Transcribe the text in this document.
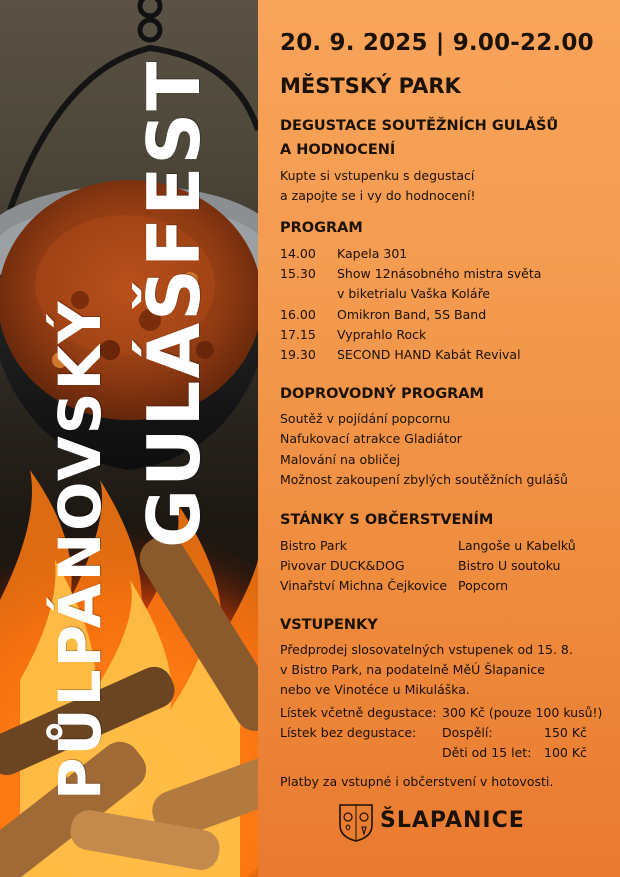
PŮLPÁNOVSKÝ GULÁŠFEST
20. 9. 2025 | 9.00-22.00
MĚSTSKÝ PARK
DEGUSTACE SOUTĚŽNÍCH GULÁŠŮ
A HODNOCENÍ
Kupte si vstupenku s degustací
a zapojte se i vy do hodnocení!
PROGRAM
14.00 Kapela 301
15.30 Show 12násobného mistra světa
v biketrialu Vaška Koláře
16.00 Omikron Band, 5S Band
17.15 Vyprahlo Rock
19.30 SECOND HAND Kabát Revival
DOPROVODNÝ PROGRAM
Soutěž v pojídání popcornu
Nafukovací atrakce Gladiátor
Malování na obličej
Možnost zakoupení zbylých soutěžních gulášů
STÁNKY S OBČERSTVENÍM
Bistro Park
Pivovar DUCK&DOG
Vinařství Michna Čejkovice
Langoše u Kabelků
Bistro U soutoku
Popcorn
VSTUPENKY
Předprodej slosovatelných vstupenek od 15. 8.
v Bistro Park, na podatelně MěÚ Šlapanice
nebo ve Vinotéce u Mikuláška.
Lístek včetně degustace: 300 Kč (pouze 100 kusů!)
Lístek bez degustace: Dospělí:	150 Kč
Děti od 15 let: 100 Kč
Platby za vstupné i občerstvení v hotovosti.
ŠLAPANICE
